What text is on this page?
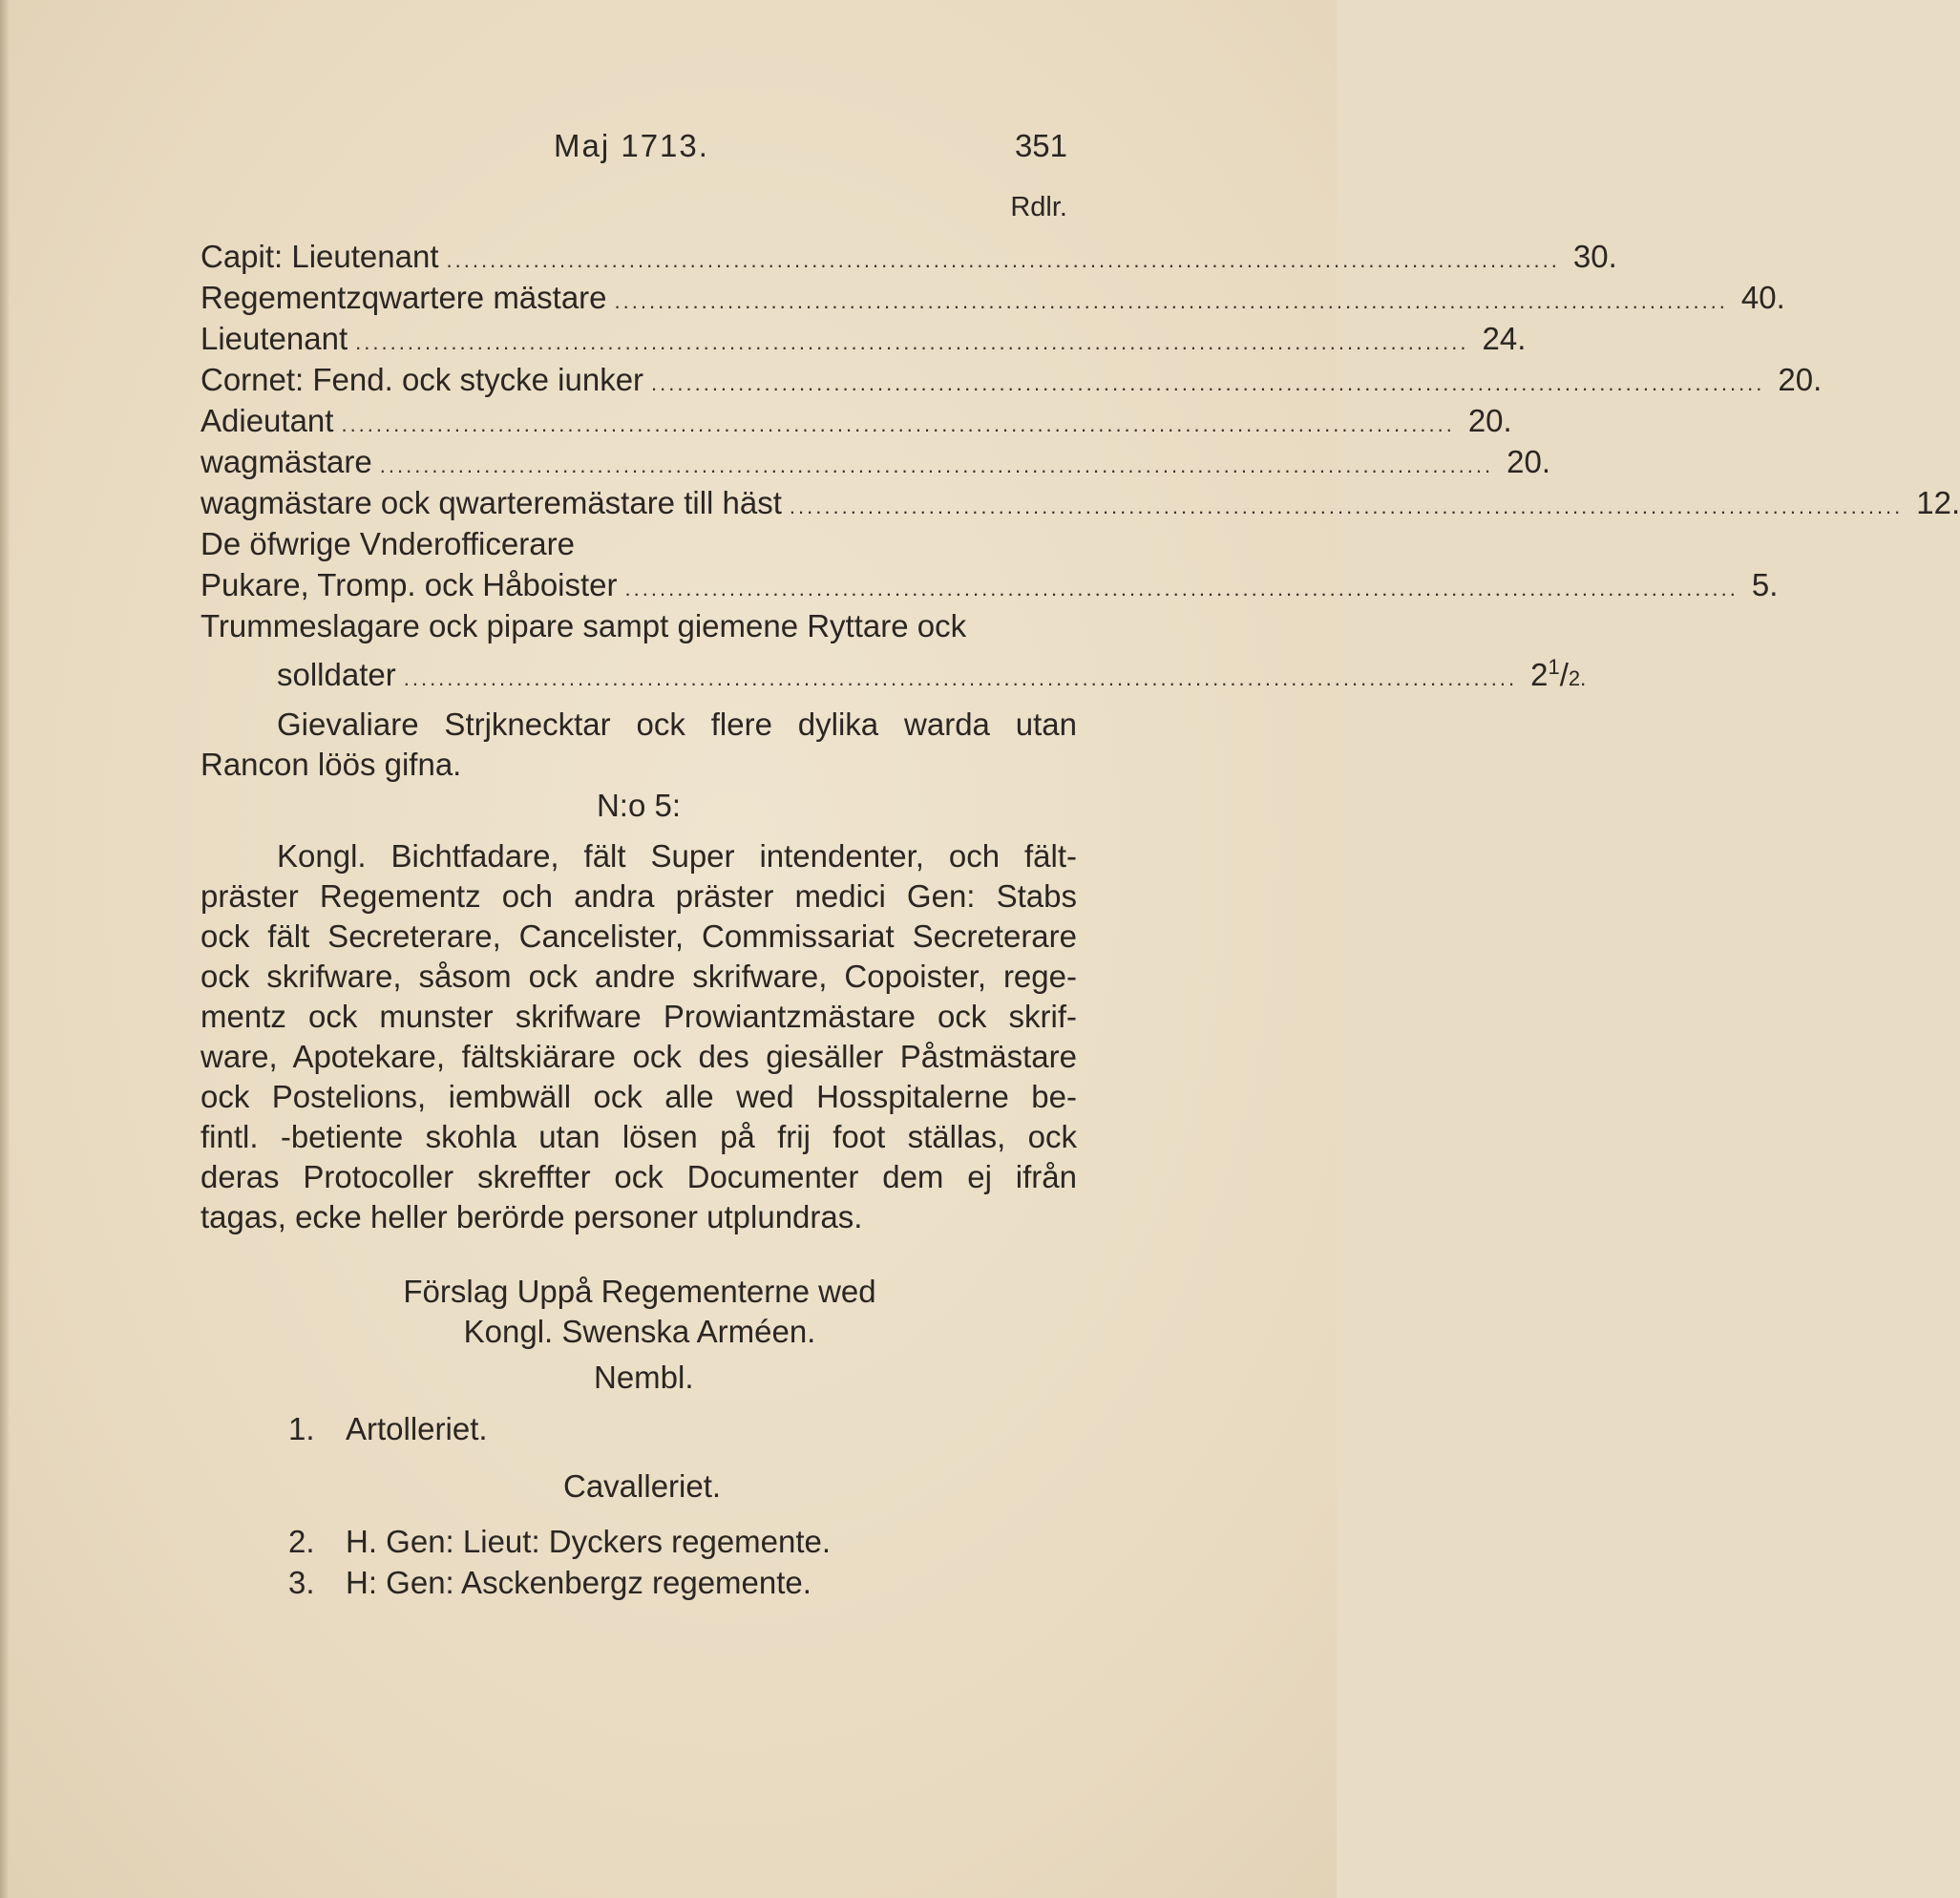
Maj 1713.	351
Rdlr.
Capit: Lieutenant ................................................................................................................................ 30.
Regementzqwartere mästare ................................................................................................................................ 40.
Lieutenant ................................................................................................................................ 24.
Cornet: Fend. ock stycke iunker ................................................................................................................................ 20.
Adieutant ................................................................................................................................ 20.
wagmästare ................................................................................................................................ 20.
wagmästare ock qwarteremästare till häst ................................................................................................................................ 12.
De öfwrige Vnderofficerare
Pukare, Tromp. ock Håboister ................................................................................................................................ 5.
Trummeslagare ock pipare sampt giemene Ryttare ock
solldater ................................................................................................................................ $2^1/2$.
Gievaliare Strjknecktar ock flere dylika warda utan
Rancon löös gifna.
N:o 5:
Kongl. Bichtfadare, fält Super intendenter, och fält-
präster Regementz och andra präster medici Gen: Stabs
ock fält Secreterare, Cancelister, Commissariat Secreterare
ock skrifware, såsom ock andre skrifware, Copoister, rege-
mentz ock munster skrifware Prowiantzmästare ock skrif-
ware, Apotekare, fältskiärare ock des giesäller Påstmästare
ock Postelions, iembwäll ock alle wed Hosspitalerne be-
fintl. -betiente skohla utan lösen på frij foot ställas, ock
deras Protocoller skreffter ock Documenter dem ej ifrån
tagas, ecke heller berörde personer utplundras.
Förslag Uppå Regementerne wed
Kongl. Swenska Arméen.
Nembl.
1. Artolleriet.
Cavalleriet.
2. H. Gen: Lieut: Dyckers regemente.
3. H: Gen: Asckenbergz regemente.
